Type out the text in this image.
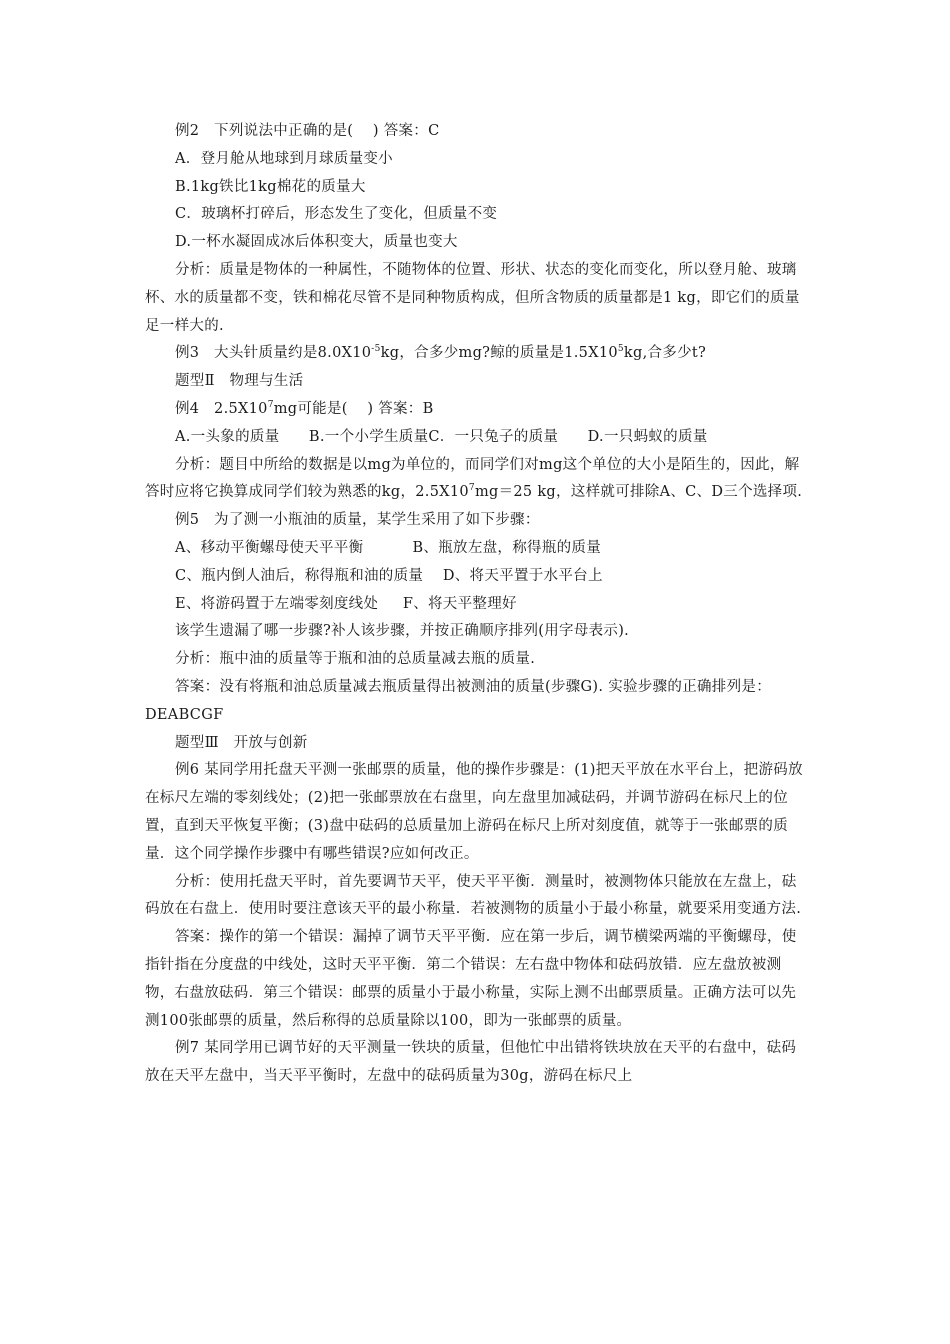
例2   下列说法中正确的是(    ) 答案：C

A．登月舱从地球到月球质量变小

B.1kg铁比1kg棉花的质量大

C．玻璃杯打碎后，形态发生了变化，但质量不变

D.一杯水凝固成冰后体积变大，质量也变大

分析：质量是物体的一种属性，不随物体的位置、形状、状态的变化而变化，所以登月舱、玻璃杯、水的质量都不变，铁和棉花尽管不是同种物质构成，但所含物质的质量都是1 kg，即它们的质量足一样大的.

例3   大头针质量约是$8.0X10^{-5}kg$，合多少mg?鲸的质量是$1.5X10^5kg$,合多少t?

题型Ⅱ   物理与生活

例4   $2.5X10^7mg$可能是(    ) 答案：B

A.一头象的质量      B.一个小学生质量C．一只兔子的质量      D.一只蚂蚁的质量

分析：题目中所给的数据是以mg为单位的，而同学们对mg这个单位的大小是陌生的，因此，解答时应将它换算成同学们较为熟悉的kg，$2.5X10^7mg=25$ kg，这样就可排除A、C、D三个选择项.

例5   为了测一小瓶油的质量，某学生采用了如下步骤：

A、移动平衡螺母使天平平衡          B、瓶放左盘，称得瓶的质量

C、瓶内倒人油后，称得瓶和油的质量    D、将天平置于水平台上

E、将游码置于左端零刻度线处     F、将天平整理好

该学生遗漏了哪一步骤?补人该步骤，并按正确顺序排列(用字母表示).

分析：瓶中油的质量等于瓶和油的总质量减去瓶的质量.

答案：没有将瓶和油总质量减去瓶质量得出被测油的质量(步骤G). 实验步骤的正确排列是：DEABCGF

题型Ⅲ   开放与创新

例6 某同学用托盘天平测一张邮票的质量，他的操作步骤是：(1)把天平放在水平台上，把游码放在标尺左端的零刻线处；(2)把一张邮票放在右盘里，向左盘里加减砝码，并调节游码在标尺上的位置，直到天平恢复平衡；(3)盘中砝码的总质量加上游码在标尺上所对刻度值，就等于一张邮票的质量．这个同学操作步骤中有哪些错误?应如何改正。

分析：使用托盘天平时，首先要调节天平，使天平平衡．测量时，被测物体只能放在左盘上，砝码放在右盘上．使用时要注意该天平的最小称量．若被测物的质量小于最小称量，就要采用变通方法.

答案：操作的第一个错误：漏掉了调节天平平衡．应在第一步后，调节横梁两端的平衡螺母，使指针指在分度盘的中线处，这时天平平衡．第二个错误：左右盘中物体和砝码放错．应左盘放被测物，右盘放砝码．第三个错误：邮票的质量小于最小称量，实际上测不出邮票质量。正确方法可以先测100张邮票的质量，然后称得的总质量除以100，即为一张邮票的质量。

例7 某同学用已调节好的天平测量一铁块的质量，但他忙中出错将铁块放在天平的右盘中，砝码放在天平左盘中，当天平平衡时，左盘中的砝码质量为30g，游码在标尺上
